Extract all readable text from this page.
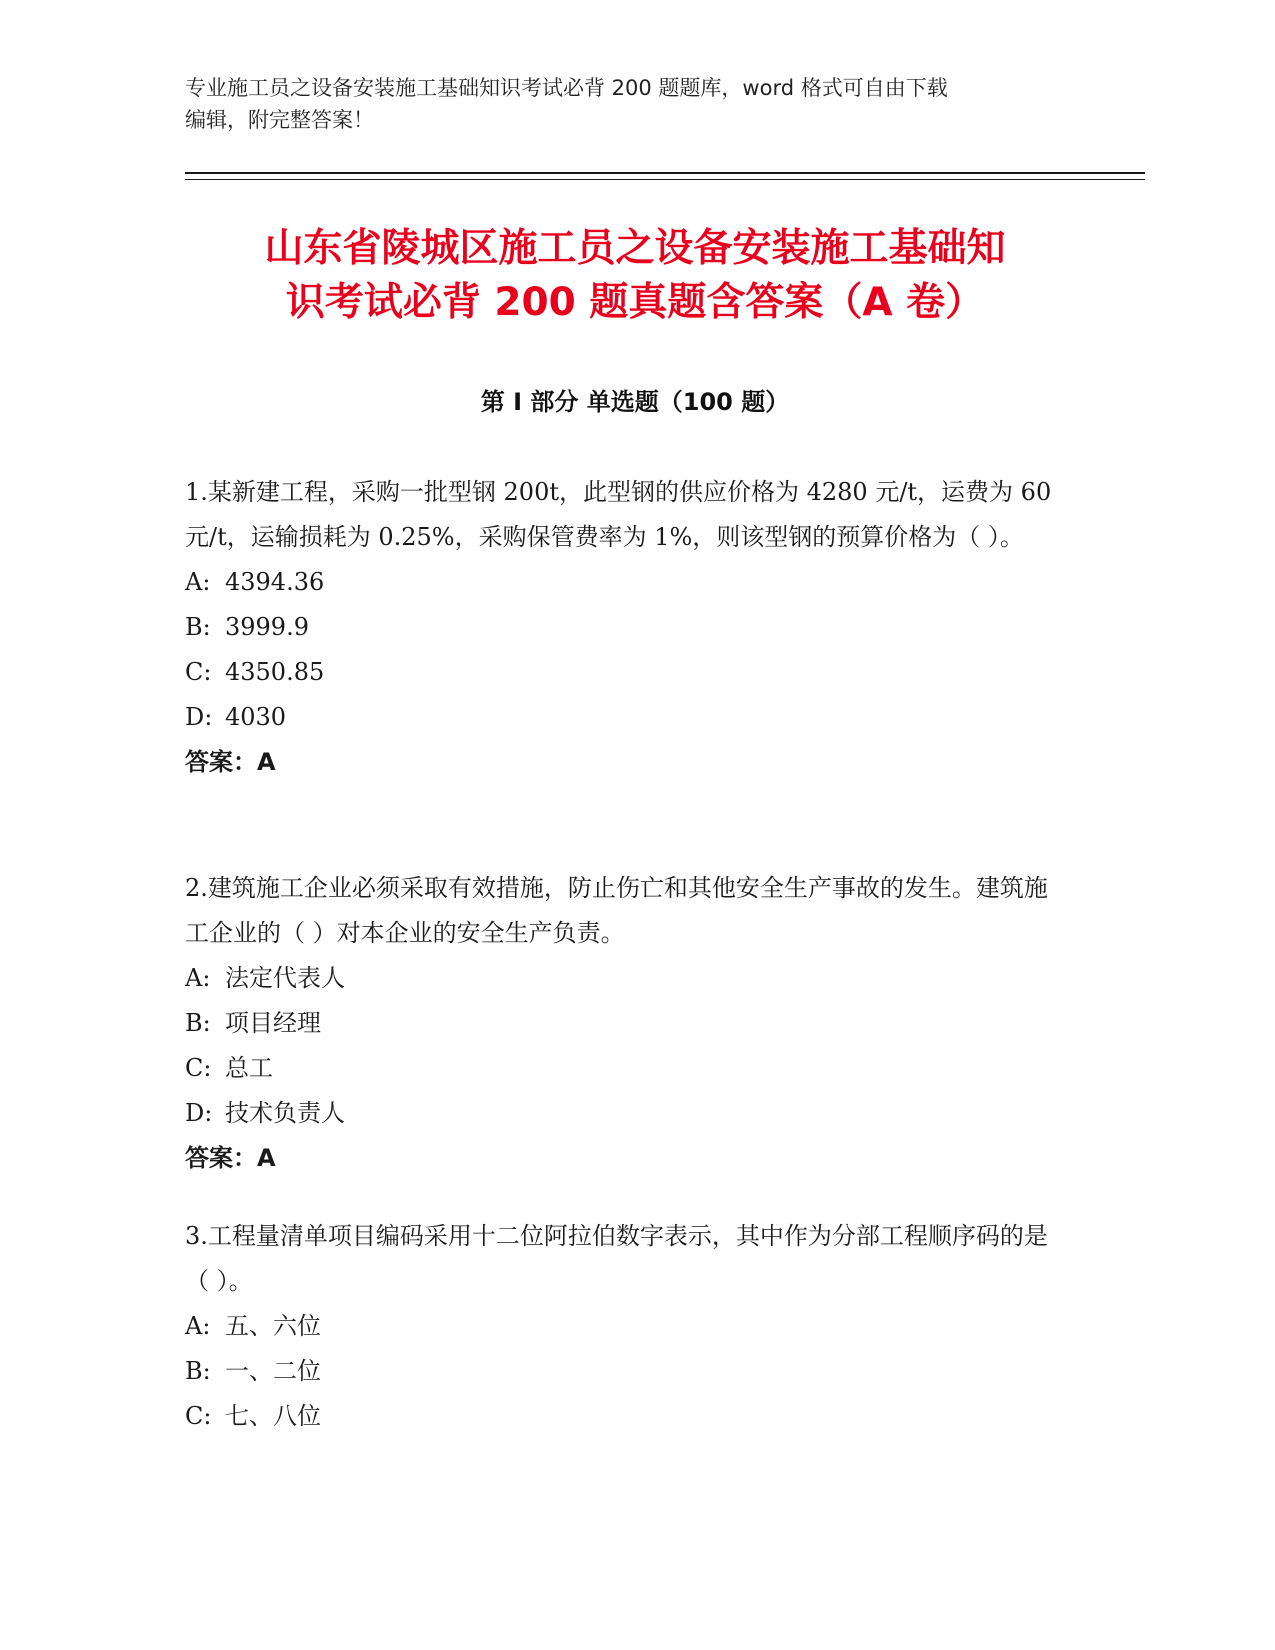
专业施工员之设备安装施工基础知识考试必背 200 题题库，word 格式可自由下载
编辑，附完整答案！
山东省陵城区施工员之设备安装施工基础知
识考试必背 200 题真题含答案（A 卷）
第 I 部分 单选题（100 题）

1.某新建工程，采购一批型钢 200t，此型钢的供应价格为 4280 元/t，运费为 60 元/t，运输损耗为 0.25%，采购保管费率为 1%，则该型钢的预算价格为（ ）。

A: 4394.36

B: 3999.9

C: 4350.85

D: 4030

答案：A

2.建筑施工企业必须采取有效措施，防止伤亡和其他安全生产事故的发生。建筑施工企业的（ ）对本企业的安全生产负责。

A: 法定代表人

B: 项目经理

C: 总工

D: 技术负责人

答案：A

3.工程量清单项目编码采用十二位阿拉伯数字表示，其中作为分部工程顺序码的是（ ）。

A: 五、六位

B: 一、二位

C: 七、八位
